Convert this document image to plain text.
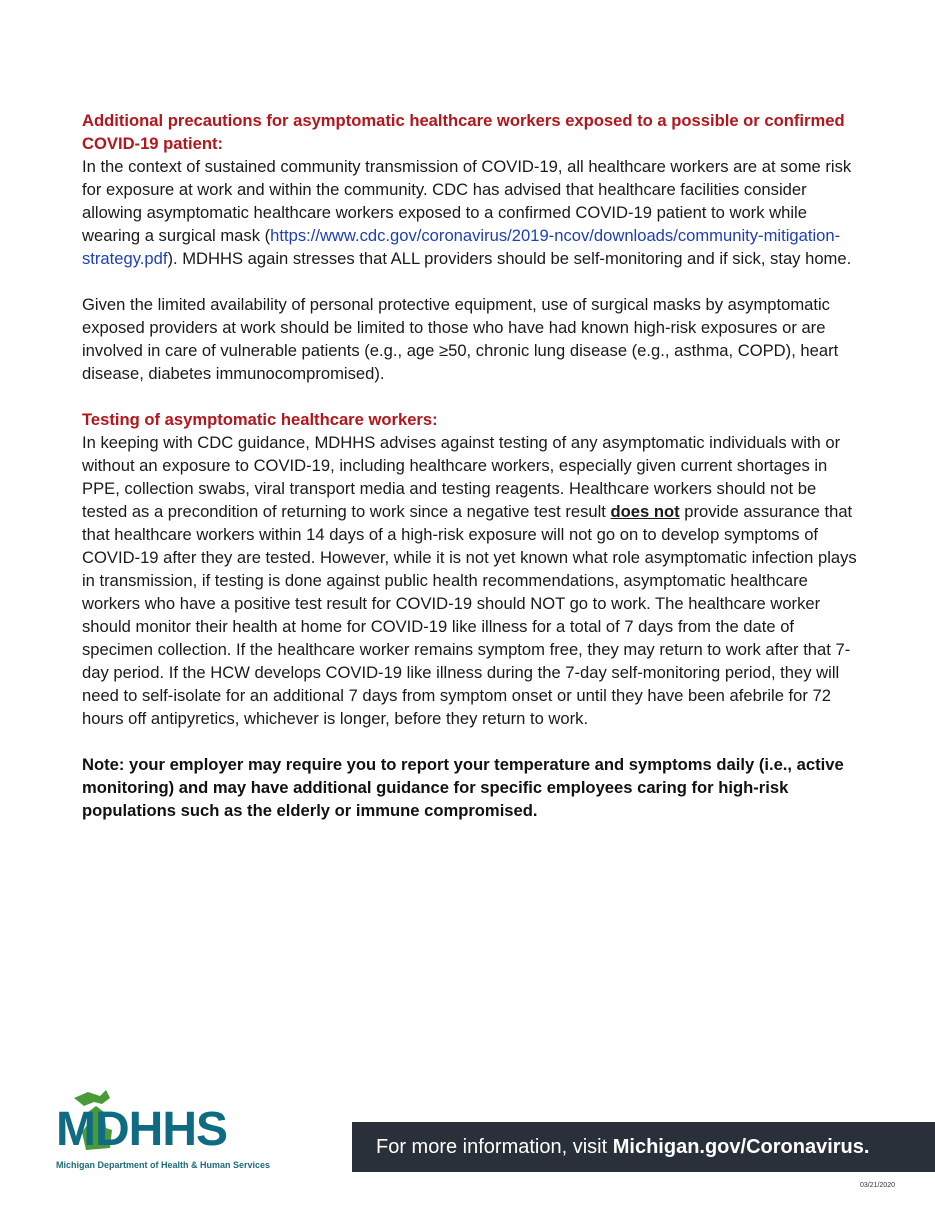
Additional precautions for asymptomatic healthcare workers exposed to a possible or confirmed COVID-19 patient:

In the context of sustained community transmission of COVID-19, all healthcare workers are at some risk for exposure at work and within the community. CDC has advised that healthcare facilities consider allowing asymptomatic healthcare workers exposed to a confirmed COVID-19 patient to work while wearing a surgical mask (https://www.cdc.gov/coronavirus/2019-ncov/downloads/community-mitigation-strategy.pdf). MDHHS again stresses that ALL providers should be self-monitoring and if sick, stay home.

Given the limited availability of personal protective equipment, use of surgical masks by asymptomatic exposed providers at work should be limited to those who have had known high-risk exposures or are involved in care of vulnerable patients (e.g., age ≥50, chronic lung disease (e.g., asthma, COPD), heart disease, diabetes immunocompromised).

Testing of asymptomatic healthcare workers:

In keeping with CDC guidance, MDHHS advises against testing of any asymptomatic individuals with or without an exposure to COVID-19, including healthcare workers, especially given current shortages in PPE, collection swabs, viral transport media and testing reagents. Healthcare workers should not be tested as a precondition of returning to work since a negative test result does not provide assurance that that healthcare workers within 14 days of a high-risk exposure will not go on to develop symptoms of COVID-19 after they are tested. However, while it is not yet known what role asymptomatic infection plays in transmission, if testing is done against public health recommendations, asymptomatic healthcare workers who have a positive test result for COVID-19 should NOT go to work. The healthcare worker should monitor their health at home for COVID-19 like illness for a total of 7 days from the date of specimen collection. If the healthcare worker remains symptom free, they may return to work after that 7-day period. If the HCW develops COVID-19 like illness during the 7-day self-monitoring period, they will need to self-isolate for an additional 7 days from symptom onset or until they have been afebrile for 72 hours off antipyretics, whichever is longer, before they return to work.

Note: your employer may require you to report your temperature and symptoms daily (i.e., active monitoring) and may have additional guidance for specific employees caring for high-risk populations such as the elderly or immune compromised.

MDHHS
Michigan Department of Health & Human Services
For more information, visit Michigan.gov/Coronavirus.
03/21/2020
